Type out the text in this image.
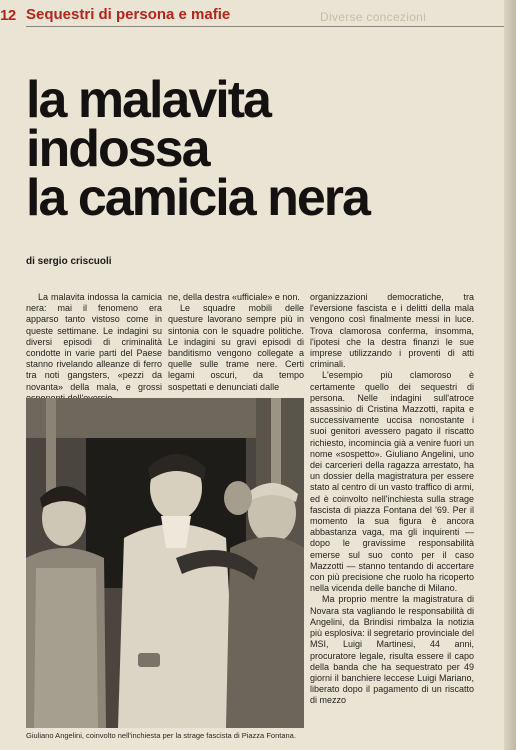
12 Sequestri di persona e mafie	Diverse concezioni
la malavita
indossa
la camicia nera
di sergio criscuoli

La malavita indossa la camicia nera: mai il fenomeno era apparso tanto vistoso come in queste settimane. Le indagini su diversi episodi di criminalità condotte in varie parti del Paese stanno rivelando alleanze di ferro tra noti gangsters, «pezzi da novanta» della mala, e grossi

ne, della destra «ufficiale» e non.

Le squadre mobili delle questure lavorano sempre più in sintonia con le squadre politiche. Le indagini su gravi episodi di banditismo vengono collegate a quelle sulle trame nere. Certi legami oscuri, da tempo sospettati e denunciati dalle

organizzazioni democratiche, tra l'eversione fascista e i delitti della mala vengono così finalmente messi in luce. Trova clamorosa conferma, insomma, l'ipotesi che la destra finanzi le sue imprese utilizzando i proventi di atti criminali.

L'esempio più clamoroso è certamente quello dei sequestri di persona. Nelle indagini sull'atroce assassinio di Cristina Mazzotti, rapita e successivamente uccisa nonostante i suoi genitori avessero pagato il riscatto richiesto, incomincia già a venire fuori un nome «sospetto». Giuliano Angelini, uno dei carcerieri della ragazza arrestato, ha un dossier della magistratura per essere stato al centro di un vasto traffico di armi, ed è coinvolto nell'inchiesta sulla strage fascista di piazza Fontana del '69. Per il momento la sua figura è ancora abbastanza vaga, ma gli inquirenti — dopo le gravissime responsabilità emerse sul suo conto per il caso Mazzotti — stanno tentando di accertare con più precisione che ruolo ha ricoperto nella vicenda delle banche di Milano.

Ma proprio mentre la magistratura di Novara sta vagliando le responsabilità di Angelini, da Brindisi rimbalza la notizia più esplosiva: il segretario provinciale del MSI, Luigi Martinesi, 44 anni, procuratore legale, risulta essere il capo della banda che ha sequestrato per 49 giorni il banchiere leccese Luigi Mariano, liberato dopo il pagamento di un riscatto di mezzo

Giuliano Angelini, coinvolto nell'inchiesta per la strage fascista di Piazza Fontana.
